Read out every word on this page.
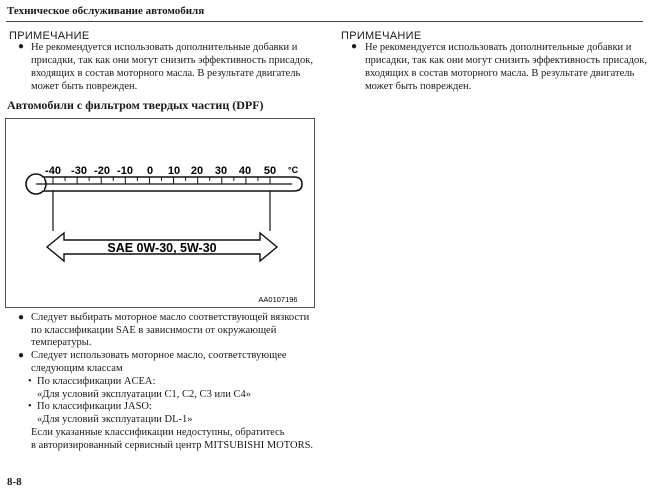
Техническое обслуживание автомобиля
ПРИМЕЧАНИЕ
● Не рекомендуется использовать дополнительные добавки и
присадки, так как они могут снизить эффективность присадок,
входящих в состав моторного масла. В результате двигатель
может быть поврежден.
ПРИМЕЧАНИЕ
● Не рекомендуется использовать дополнительные добавки и
присадки, так как они могут снизить эффективность присадок,
входящих в состав моторного масла. В результате двигатель
может быть поврежден.
Автомобили с фильтром твердых частиц (DPF)
-40 -30 -20 -10 0 10 20 30 40 50 °C
SAE 0W-30, 5W-30
AA0107196
● Следует выбирать моторное масло соответствующей вязкости
по классификации SAE в зависимости от окружающей
температуры.
● Следует использовать моторное масло, соответствующее
следующим классам
• По классификации ACEA:
«Для условий эксплуатации C1, C2, C3 или C4»
• По классификации JASO:
«Для условий эксплуатации DL-1»
Если указанные классификации недоступны, обратитесь
в авторизированный сервисный центр MITSUBISHI MOTORS.
8-8
